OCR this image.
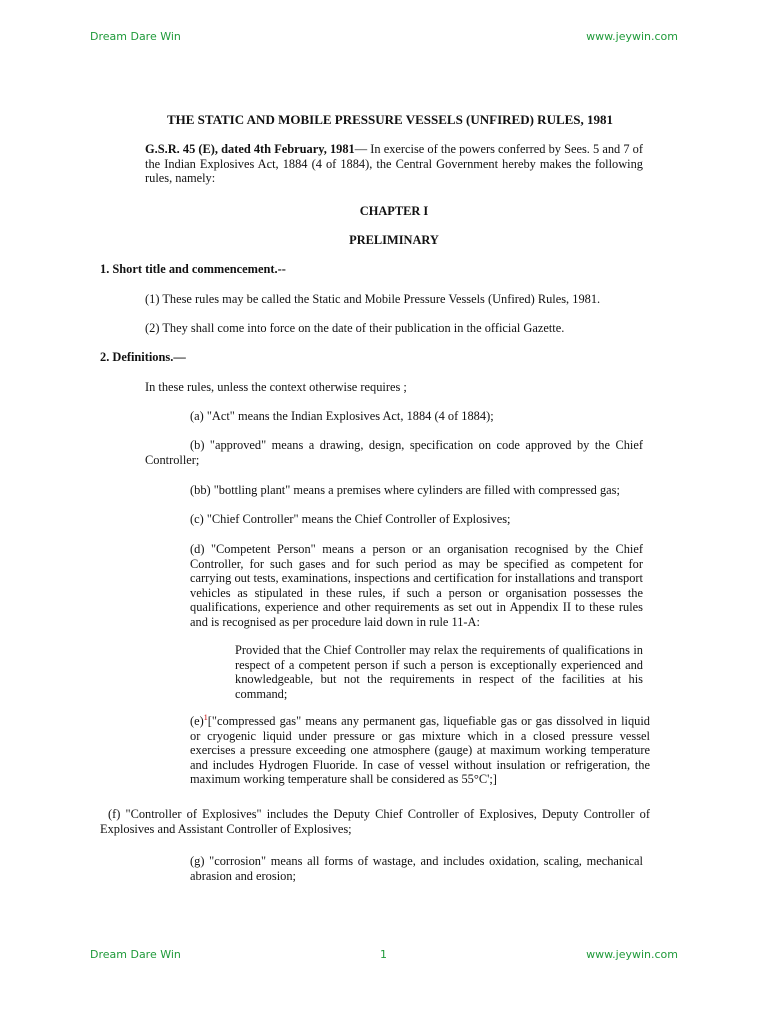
Dream Dare Win	www.jeywin.com

THE STATIC AND MOBILE PRESSURE VESSELS (UNFIRED) RULES, 1981

G.S.R. 45 (E), dated 4th February, 1981— In exercise of the powers conferred by Sees. 5 and 7 of the Indian Explosives Act, 1884 (4 of 1884), the Central Government hereby makes the following rules, namely:

CHAPTER I

PRELIMINARY

1. Short title and commencement.--

(1) These rules may be called the Static and Mobile Pressure Vessels (Unfired) Rules, 1981.

(2) They shall come into force on the date of their publication in the official Gazette.

2. Definitions.—

In these rules, unless the context otherwise requires ;

(a) "Act" means the Indian Explosives Act, 1884 (4 of 1884);

(b) "approved" means a drawing, design, specification on code approved by the Chief Controller;

(bb) "bottling plant" means a premises where cylinders are filled with compressed gas;

(c) "Chief Controller" means the Chief Controller of Explosives;

(d) "Competent Person" means a person or an organisation recognised by the Chief Controller, for such gases and for such period as may be specified as competent for carrying out tests, examinations, inspections and certification for installations and transport vehicles as stipulated in these rules, if such a person or organisation possesses the qualifications, experience and other requirements as set out in Appendix II to these rules and is recognised as per procedure laid down in rule 11-A:

Provided that the Chief Controller may relax the requirements of qualifications in respect of a competent person if such a person is exceptionally experienced and knowledgeable, but not the requirements in respect of the facilities at his command;

$(e)^1["compressed$ gas" means any permanent gas, liquefiable gas or gas dissolved in liquid or cryogenic liquid under pressure or gas mixture which in a closed pressure vessel exercises a pressure exceeding one atmosphere (gauge) at maximum working temperature and includes Hydrogen Fluoride. In case of vessel without insulation or refrigeration, the maximum working temperature shall be considered as 55°C';]

(f) "Controller of Explosives" includes the Deputy Chief Controller of Explosives, Deputy Controller of Explosives and Assistant Controller of Explosives;

(g) "corrosion" means all forms of wastage, and includes oxidation, scaling, mechanical abrasion and erosion;

Dream Dare Win	1	www.jeywin.com
